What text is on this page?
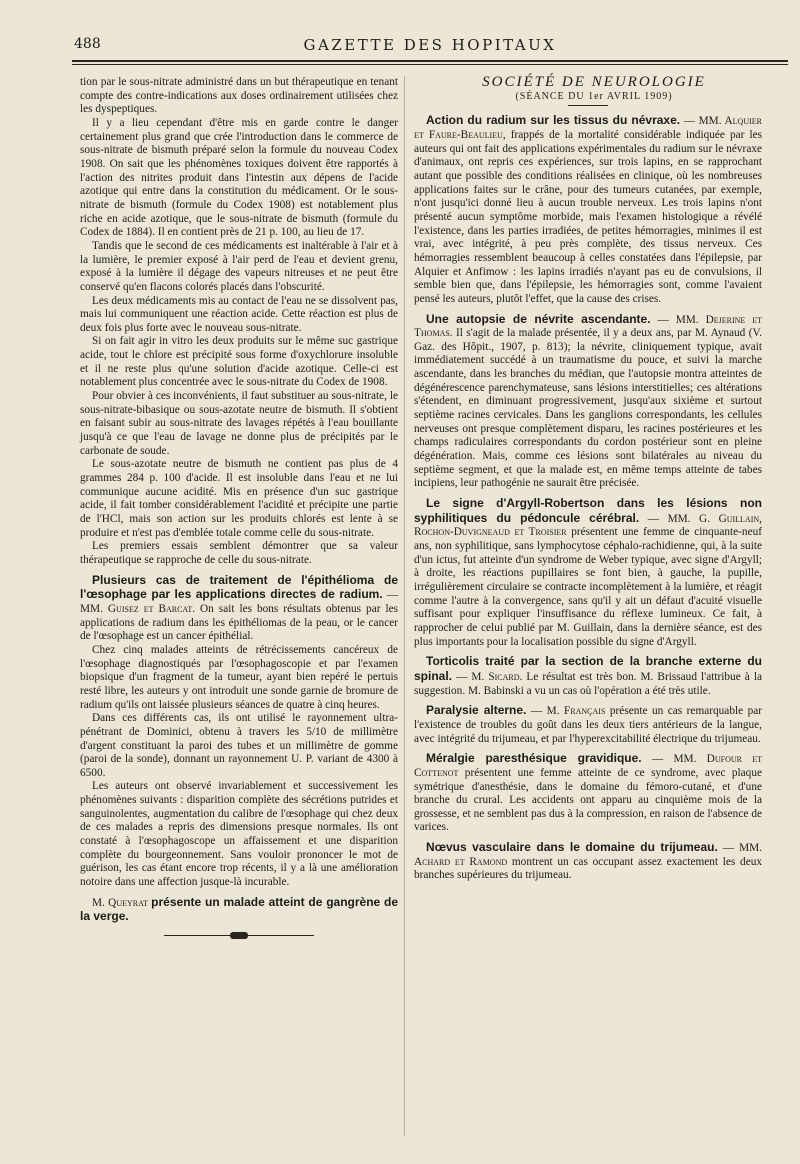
488	GAZETTE DES HOPITAUX

tion par le sous-nitrate administré dans un but thérapeutique en tenant compte des contre-indications aux doses ordinairement utilisées chez les dyspeptiques.

Il y a lieu cependant d'être mis en garde contre le danger certainement plus grand que crée l'introduction dans le commerce de sous-nitrate de bismuth préparé selon la formule du nouveau Codex 1908. On sait que les phénomènes toxiques doivent être rapportés à l'action des nitrites produit dans l'intestin aux dépens de l'acide azotique qui entre dans la constitution du médicament. Or le sous-nitrate de bismuth (formule du Codex 1908) est notablement plus riche en acide azotique, que le sous-nitrate de bismuth (formule du Codex de 1884). Il en contient près de 21 p. 100, au lieu de 17.

Tandis que le second de ces médicaments est inaltérable à l'air et à la lumière, le premier exposé à l'air perd de l'eau et devient grenu, exposé à la lumière il dégage des vapeurs nitreuses et ne peut être conservé qu'en flacons colorés placés dans l'obscurité.

Les deux médicaments mis au contact de l'eau ne se dissolvent pas, mais lui communiquent une réaction acide. Cette réaction est plus de deux fois plus forte avec le nouveau sous-nitrate.

Si on fait agir in vitro les deux produits sur le même suc gastrique acide, tout le chlore est précipité sous forme d'oxychlorure insoluble et il ne reste plus qu'une solution d'acide azotique. Celle-ci est notablement plus concentrée avec le sous-nitrate du Codex de 1908.

Pour obvier à ces inconvénients, il faut substituer au sous-nitrate, le sous-nitrate-bibasique ou sous-azotate neutre de bismuth. Il s'obtient en faisant subir au sous-nitrate des lavages répétés à l'eau bouillante jusqu'à ce que l'eau de lavage ne donne plus de précipités par le carbonate de soude.

Le sous-azotate neutre de bismuth ne contient pas plus de 4 grammes 284 p. 100 d'acide. Il est insoluble dans l'eau et ne lui communique aucune acidité. Mis en présence d'un suc gastrique acide, il fait tomber considérablement l'acidité et précipite une partie de l'HCl, mais son action sur les produits chlorés est lente à se produire et n'est pas d'emblée totale comme celle du sous-nitrate.

Les premiers essais semblent démontrer que sa valeur thérapeutique se rapproche de celle du sous-nitrate.

Plusieurs cas de traitement de l'épithélioma de l'œsophage par les applications directes de radium. — MM. Guisez et Barcat. On sait les bons résultats obtenus par les applications de radium dans les épithéliomas de la peau, or le cancer de l'œsophage est un cancer épithélial.

Chez cinq malades atteints de rétrécissements cancéreux de l'œsophage diagnostiqués par l'œsophagoscopie et par l'examen biopsique d'un fragment de la tumeur, ayant bien repéré le pertuis resté libre, les auteurs y ont introduit une sonde garnie de bromure de radium qu'ils ont laissée plusieurs séances de quatre à cinq heures.

Dans ces différents cas, ils ont utilisé le rayonnement ultra-pénétrant de Dominici, obtenu à travers les 5/10 de millimètre d'argent constituant la paroi des tubes et un millimètre de gomme (paroi de la sonde), donnant un rayonnement U. P. variant de 4300 à 6500.

Les auteurs ont observé invariablement et successivement les phénomènes suivants : disparition complète des sécrétions putrides et sanguinolentes, augmentation du calibre de l'œsophage qui chez deux de ces malades a repris des dimensions presque normales. Ils ont constaté à l'œsophagoscope un affaissement et une disparition complète du bourgeonnement. Sans vouloir prononcer le mot de guérison, les cas étant encore trop récents, il y a là une amélioration notoire dans une affection jusque-là incurable.

M. Queyrat présente un malade atteint de gangrène de la verge.

SOCIÉTÉ DE NEUROLOGIE

(SÉANCE DU 1er AVRIL 1909)

Action du radium sur les tissus du névraxe. — MM. Alquier et Faure-Beaulieu, frappés de la mortalité considérable indiquée par les auteurs qui ont fait des applications expérimentales du radium sur le névraxe d'animaux, ont repris ces expériences, sur trois lapins, en se rapprochant autant que possible des conditions réalisées en clinique, où les nombreuses applications faites sur le crâne, pour des tumeurs cutanées, par exemple, n'ont jusqu'ici donné lieu à aucun trouble nerveux. Les trois lapins n'ont présenté aucun symptôme morbide, mais l'examen histologique a révélé l'existence, dans les parties irradiées, de petites hémorragies, minimes il est vrai, avec intégrité, à peu près complète, des tissus nerveux. Ces hémorragies ressemblent beaucoup à celles constatées dans l'épilepsie, par Alquier et Anfimow : les lapins irradiés n'ayant pas eu de convulsions, il semble bien que, dans l'épilepsie, les hémorragies sont, comme l'avaient pensé les auteurs, plutôt l'effet, que la cause des crises.

Une autopsie de névrite ascendante. — MM. Dejerine et Thomas. Il s'agit de la malade présentée, il y a deux ans, par M. Aynaud (V. Gaz. des Hôpit., 1907, p. 813); la névrite, cliniquement typique, avait immédiatement succédé à un traumatisme du pouce, et suivi la marche ascendante, dans les branches du médian, que l'autopsie montra atteintes de dégénérescence parenchymateuse, sans lésions interstitielles; ces altérations s'étendent, en diminuant progressivement, jusqu'aux sixième et surtout septième racines cervicales. Dans les ganglions correspondants, les cellules nerveuses ont presque complètement disparu, les racines postérieures et les champs radiculaires correspondants du cordon postérieur sont en pleine dégénération. Mais, comme ces lésions sont bilatérales au niveau du septième segment, et que la malade est, en même temps atteinte de tabes incipiens, leur pathogénie ne saurait être précisée.

Le signe d'Argyll-Robertson dans les lésions non syphilitiques du pédoncule cérébral. — MM. G. Guillain, Rochon-Duvigneaud et Troisier présentent une femme de cinquante-neuf ans, non syphilitique, sans lymphocytose céphalo-rachidienne, qui, à la suite d'un ictus, fut atteinte d'un syndrome de Weber typique, avec signe d'Argyll; à droite, les réactions pupillaires se font bien, à gauche, la pupille, irrégulièrement circulaire se contracte incomplètement à la lumière, et réagit comme l'autre à la convergence, sans qu'il y ait un défaut d'acuité visuelle suffisant pour expliquer l'insuffisance du réflexe lumineux. Ce fait, à rapprocher de celui publié par M. Guillain, dans la dernière séance, est des plus importants pour la localisation possible du signe d'Argyll.

Torticolis traité par la section de la branche externe du spinal. — M. Sicard. Le résultat est très bon. M. Brissaud l'attribue à la suggestion. M. Babinski a vu un cas où l'opération a été très utile.

Paralysie alterne. — M. Français présente un cas remarquable par l'existence de troubles du goût dans les deux tiers antérieurs de la langue, avec intégrité du trijumeau, et par l'hyperexcitabilité électrique du trijumeau.

Méralgie paresthésique gravidique. — MM. Dufour et Cottenot présentent une femme atteinte de ce syndrome, avec plaque symétrique d'anesthésie, dans le domaine du fémoro-cutané, et d'une branche du crural. Les accidents ont apparu au cinquième mois de la grossesse, et ne semblent pas dus à la compression, en raison de l'absence de varices.

Nœvus vasculaire dans le domaine du trijumeau. — MM. Achard et Ramond montrent un cas occupant assez exactement les deux branches supérieures du trijumeau.
